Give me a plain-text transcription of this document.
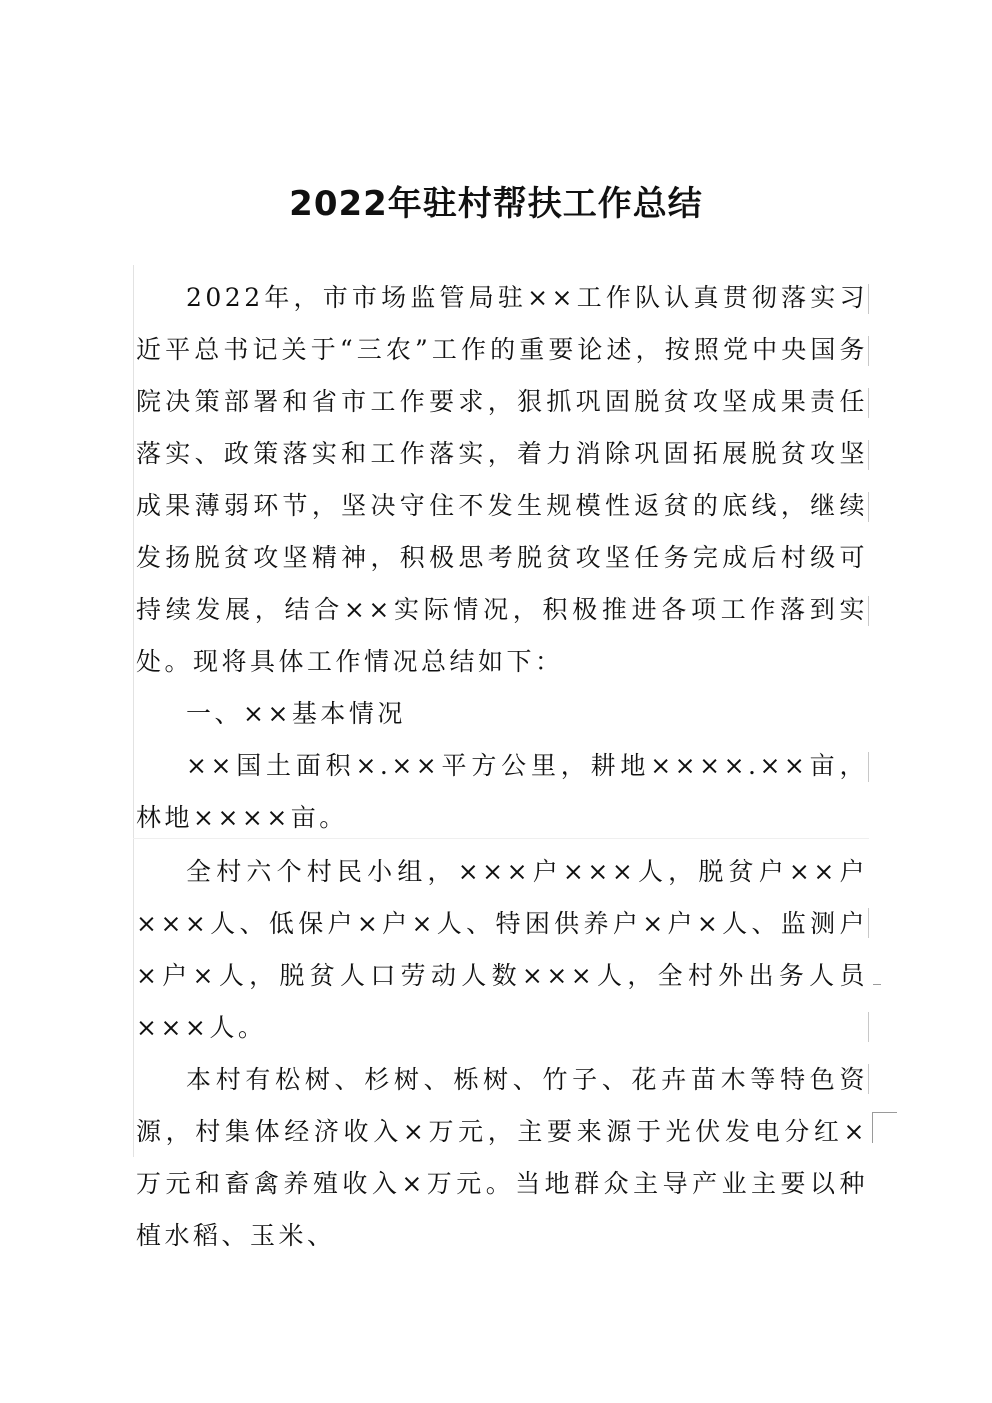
2022年驻村帮扶工作总结

2022年，市市场监管局驻××工作队认真贯彻落实习近平总书记关于“三农”工作的重要论述，按照党中央国务院决策部署和省市工作要求，狠抓巩固脱贫攻坚成果责任落实、政策落实和工作落实，着力消除巩固拓展脱贫攻坚成果薄弱环节，坚决守住不发生规模性返贫的底线，继续发扬脱贫攻坚精神，积极思考脱贫攻坚任务完成后村级可持续发展，结合××实际情况，积极推进各项工作落到实处。现将具体工作情况总结如下：

一、××基本情况

××国土面积×.××平方公里，耕地××××.××亩，林地××××亩。

全村六个村民小组，×××户×××人，脱贫户××户×××人、低保户×户×人、特困供养户×户×人、监测户×户×人，脱贫人口劳动人数×××人，全村外出务人员×××人。

本村有松树、杉树、栎树、竹子、花卉苗木等特色资源，村集体经济收入×万元，主要来源于光伏发电分红×万元和畜禽养殖收入×万元。当地群众主导产业主要以种植水稻、玉米、
